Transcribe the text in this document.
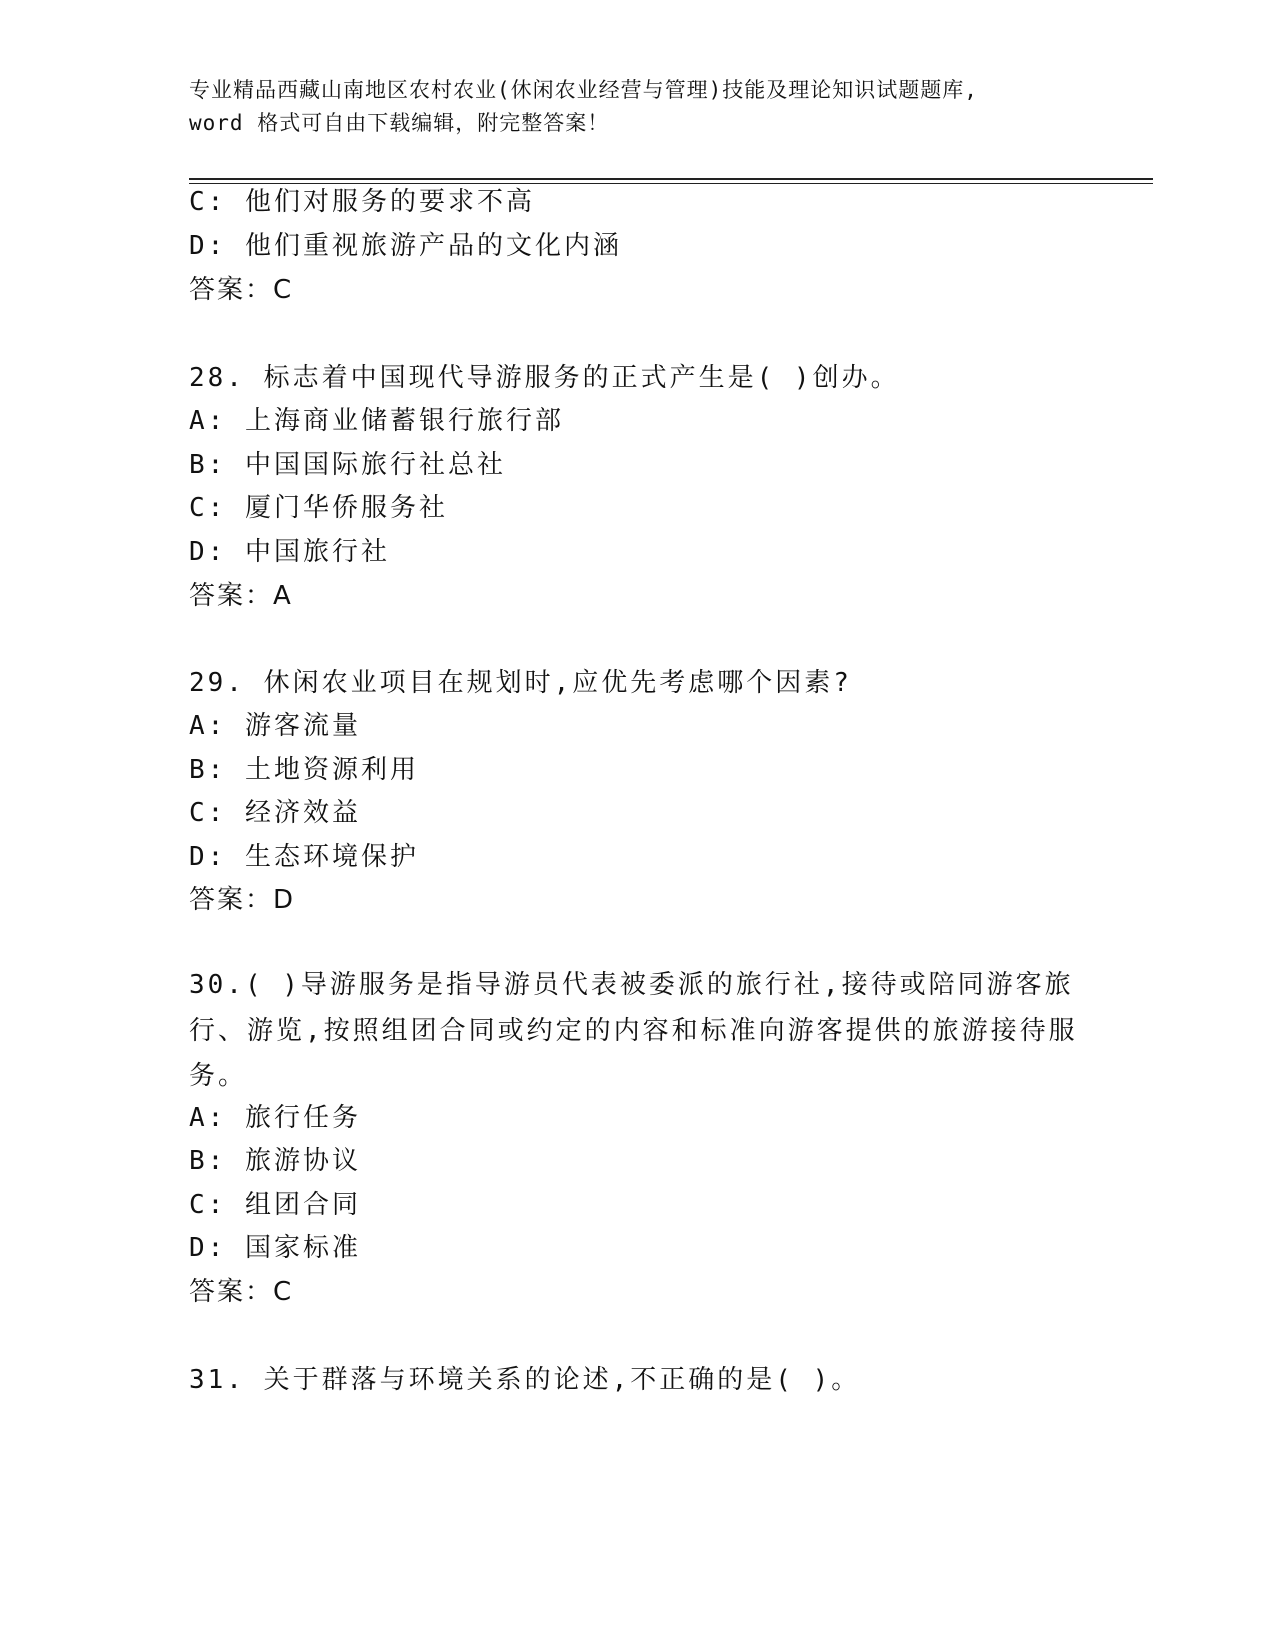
专业精品西藏山南地区农村农业(休闲农业经营与管理)技能及理论知识试题题库,
word 格式可自由下载编辑，附完整答案！
C: 他们对服务的要求不高
D: 他们重视旅游产品的文化内涵
答案：C
28. 标志着中国现代导游服务的正式产生是( )创办。
A: 上海商业储蓄银行旅行部
B: 中国国际旅行社总社
C: 厦门华侨服务社
D: 中国旅行社
答案：A
29. 休闲农业项目在规划时,应优先考虑哪个因素?
A: 游客流量
B: 土地资源利用
C: 经济效益
D: 生态环境保护
答案：D
30.( )导游服务是指导游员代表被委派的旅行社,接待或陪同游客旅行、游览,按照组团合同或约定的内容和标准向游客提供的旅游接待服务。
A: 旅行任务
B: 旅游协议
C: 组团合同
D: 国家标准
答案：C
31. 关于群落与环境关系的论述,不正确的是( )。
